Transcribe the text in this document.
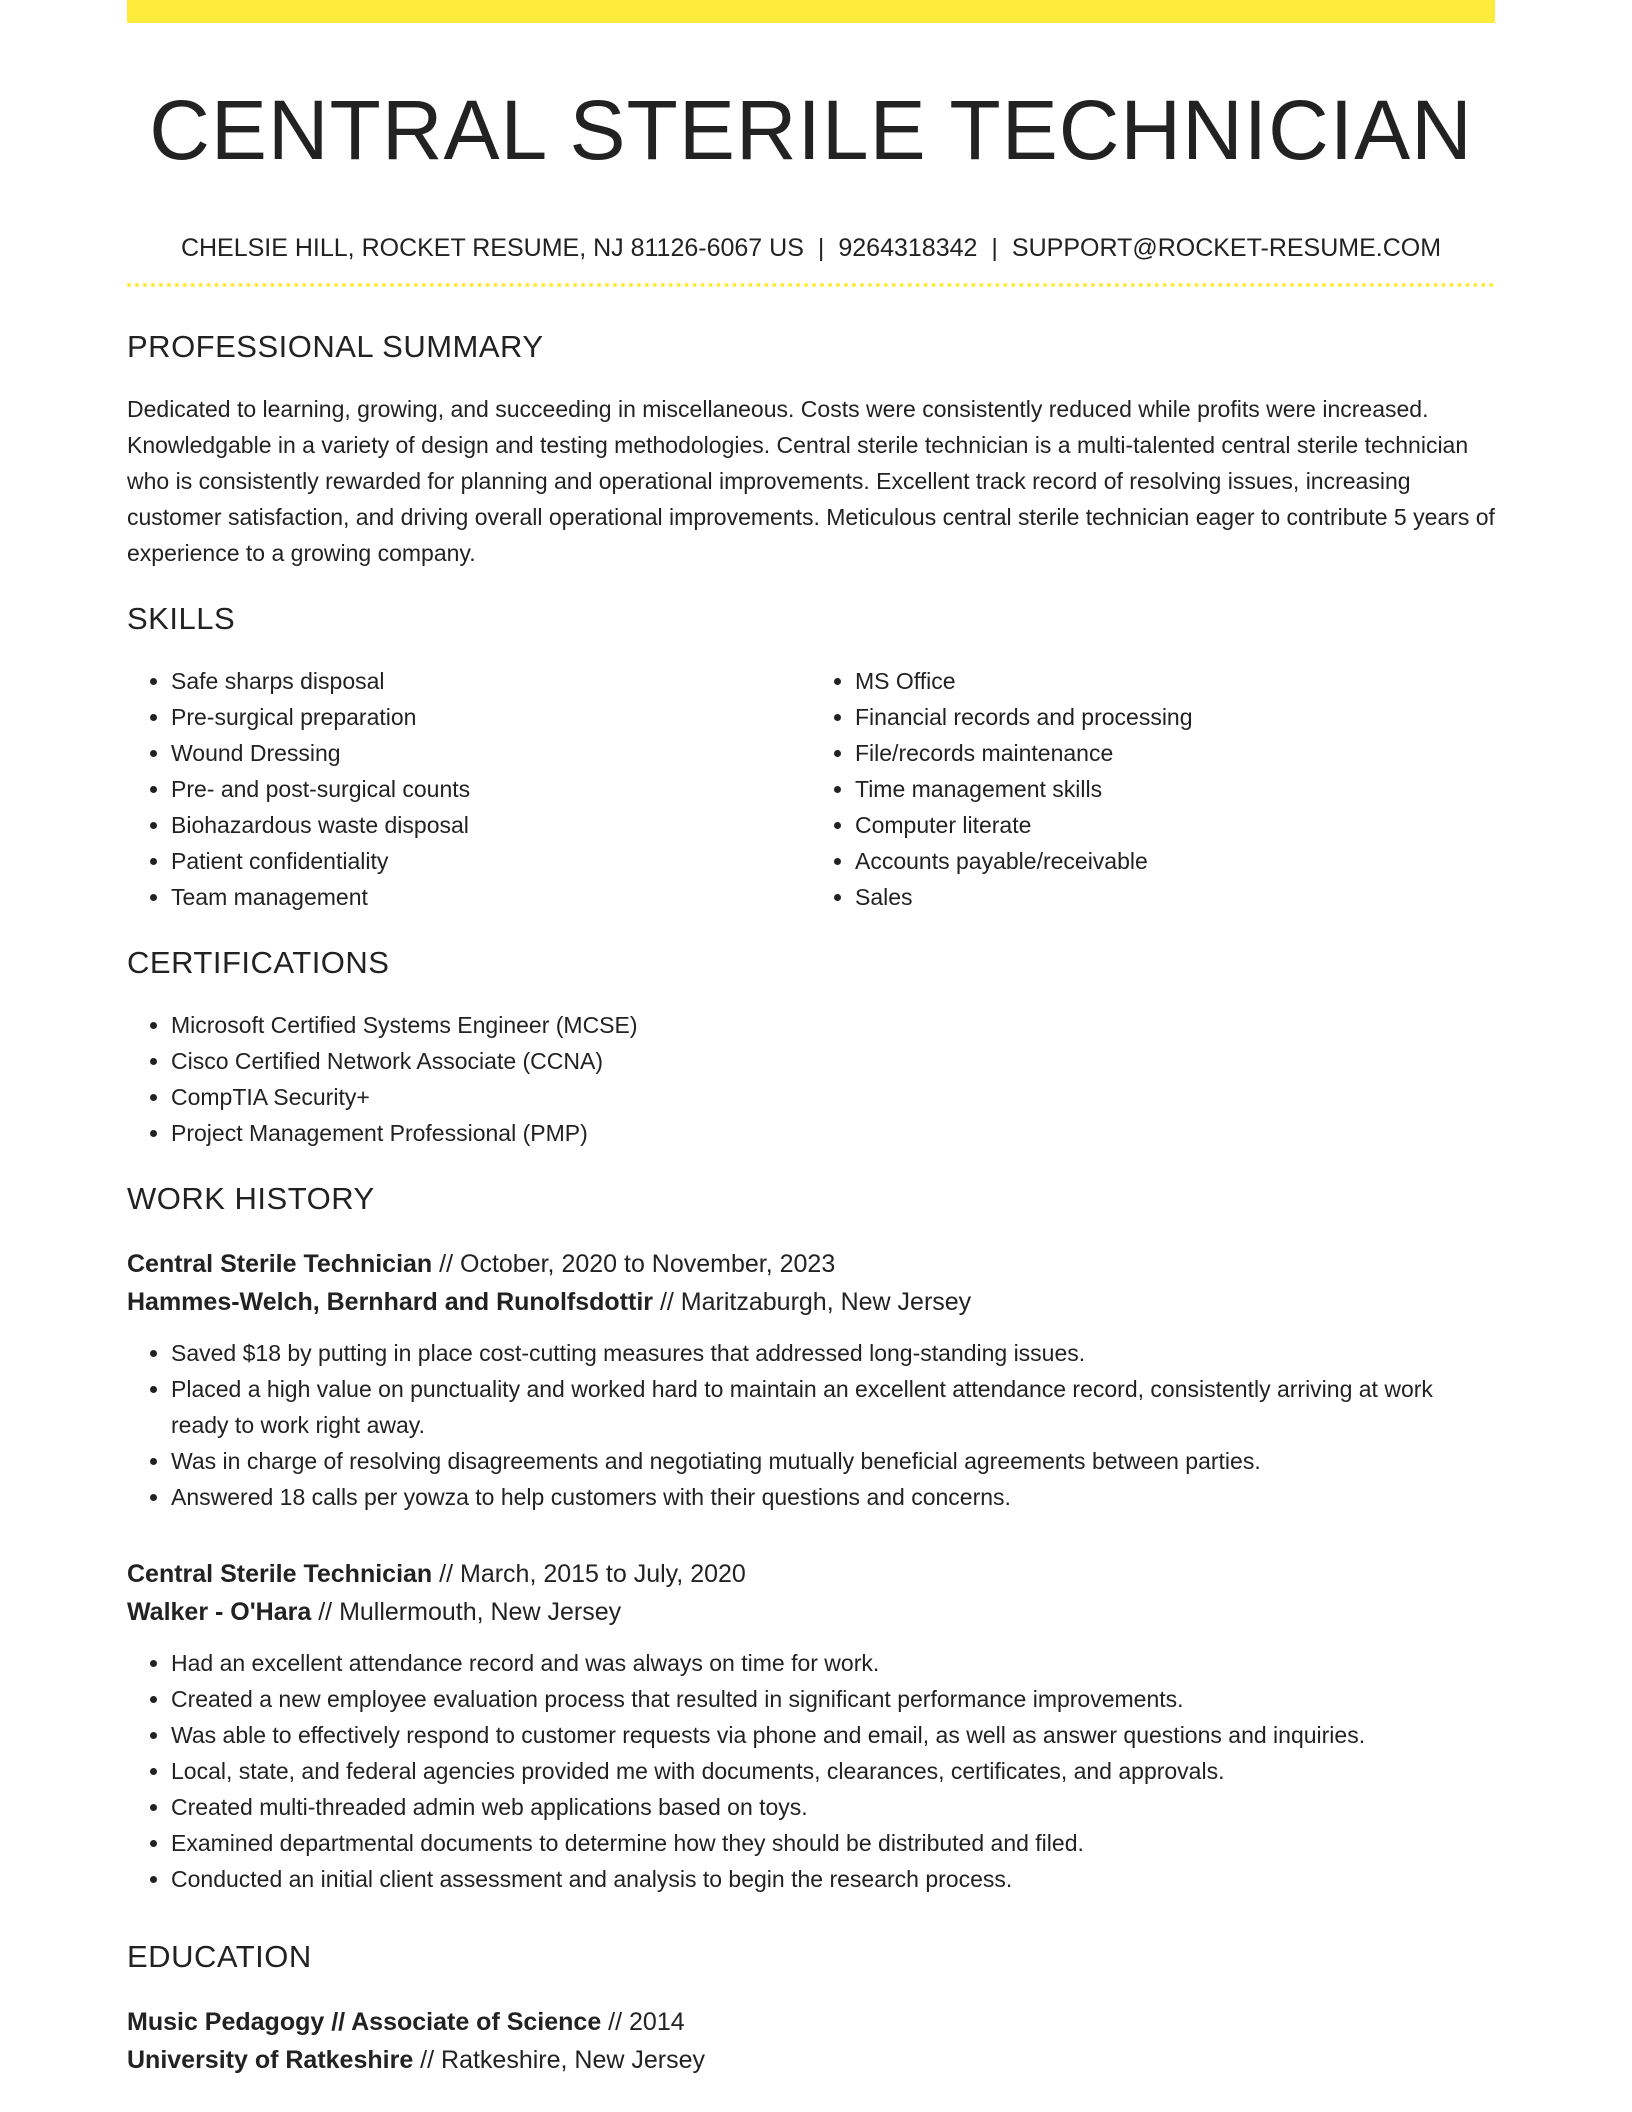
CENTRAL STERILE TECHNICIAN
CHELSIE HILL, ROCKET RESUME, NJ 81126-6067 US | 9264318342 | SUPPORT@ROCKET-RESUME.COM
PROFESSIONAL SUMMARY

Dedicated to learning, growing, and succeeding in miscellaneous. Costs were consistently reduced while profits were increased. Knowledgable in a variety of design and testing methodologies. Central sterile technician is a multi-talented central sterile technician who is consistently rewarded for planning and operational improvements. Excellent track record of resolving issues, increasing customer satisfaction, and driving overall operational improvements. Meticulous central sterile technician eager to contribute 5 years of experience to a growing company.

SKILLS
• Safe sharps disposal
• Pre-surgical preparation
• Wound Dressing
• Pre- and post-surgical counts
• Biohazardous waste disposal
• Patient confidentiality
• Team management
• MS Office
• Financial records and processing
• File/records maintenance
• Time management skills
• Computer literate
• Accounts payable/receivable
• Sales
CERTIFICATIONS
• Microsoft Certified Systems Engineer (MCSE)
• Cisco Certified Network Associate (CCNA)
• CompTIA Security+
• Project Management Professional (PMP)
WORK HISTORY
Central Sterile Technician // October, 2020 to November, 2023
Hammes-Welch, Bernhard and Runolfsdottir // Maritzaburgh, New Jersey
• Saved $18 by putting in place cost-cutting measures that addressed long-standing issues.
• Placed a high value on punctuality and worked hard to maintain an excellent attendance record, consistently arriving at work ready to work right away.
• Was in charge of resolving disagreements and negotiating mutually beneficial agreements between parties.
• Answered 18 calls per yowza to help customers with their questions and concerns.
Central Sterile Technician // March, 2015 to July, 2020
Walker - O'Hara // Mullermouth, New Jersey
• Had an excellent attendance record and was always on time for work.
• Created a new employee evaluation process that resulted in significant performance improvements.
• Was able to effectively respond to customer requests via phone and email, as well as answer questions and inquiries.
• Local, state, and federal agencies provided me with documents, clearances, certificates, and approvals.
• Created multi-threaded admin web applications based on toys.
• Examined departmental documents to determine how they should be distributed and filed.
• Conducted an initial client assessment and analysis to begin the research process.
EDUCATION
Music Pedagogy // Associate of Science // 2014
University of Ratkeshire // Ratkeshire, New Jersey
